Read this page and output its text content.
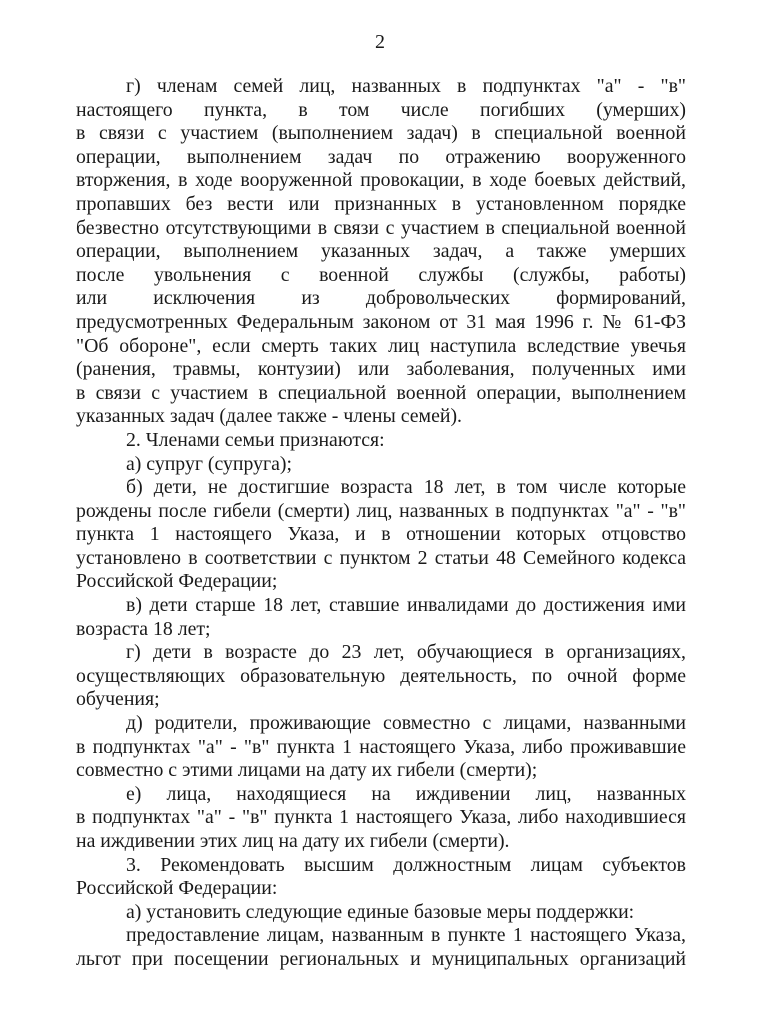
2
г) членам семей лиц, названных в подпунктах "а" - "в"
настоящего пункта, в том числе погибших (умерших)
в связи с участием (выполнением задач) в специальной военной
операции, выполнением задач по отражению вооруженного
вторжения, в ходе вооруженной провокации, в ходе боевых действий,
пропавших без вести или признанных в установленном порядке
безвестно отсутствующими в связи с участием в специальной военной
операции, выполнением указанных задач, а также умерших
после увольнения с военной службы (службы, работы)
или исключения из добровольческих формирований,
предусмотренных Федеральным законом от 31 мая 1996 г. № 61-ФЗ
"Об обороне", если смерть таких лиц наступила вследствие увечья
(ранения, травмы, контузии) или заболевания, полученных ими
в связи с участием в специальной военной операции, выполнением
указанных задач (далее также - члены семей).
2. Членами семьи признаются:
а) супруг (супруга);
б) дети, не достигшие возраста 18 лет, в том числе которые
рождены после гибели (смерти) лиц, названных в подпунктах "а" - "в"
пункта 1 настоящего Указа, и в отношении которых отцовство
установлено в соответствии с пунктом 2 статьи 48 Семейного кодекса
Российской Федерации;
в) дети старше 18 лет, ставшие инвалидами до достижения ими
возраста 18 лет;
г) дети в возрасте до 23 лет, обучающиеся в организациях,
осуществляющих образовательную деятельность, по очной форме
обучения;
д) родители, проживающие совместно с лицами, названными
в подпунктах "а" - "в" пункта 1 настоящего Указа, либо проживавшие
совместно с этими лицами на дату их гибели (смерти);
е) лица, находящиеся на иждивении лиц, названных
в подпунктах "а" - "в" пункта 1 настоящего Указа, либо находившиеся
на иждивении этих лиц на дату их гибели (смерти).
3. Рекомендовать высшим должностным лицам субъектов
Российской Федерации:
а) установить следующие единые базовые меры поддержки:
предоставление лицам, названным в пункте 1 настоящего Указа,
льгот при посещении региональных и муниципальных организаций
